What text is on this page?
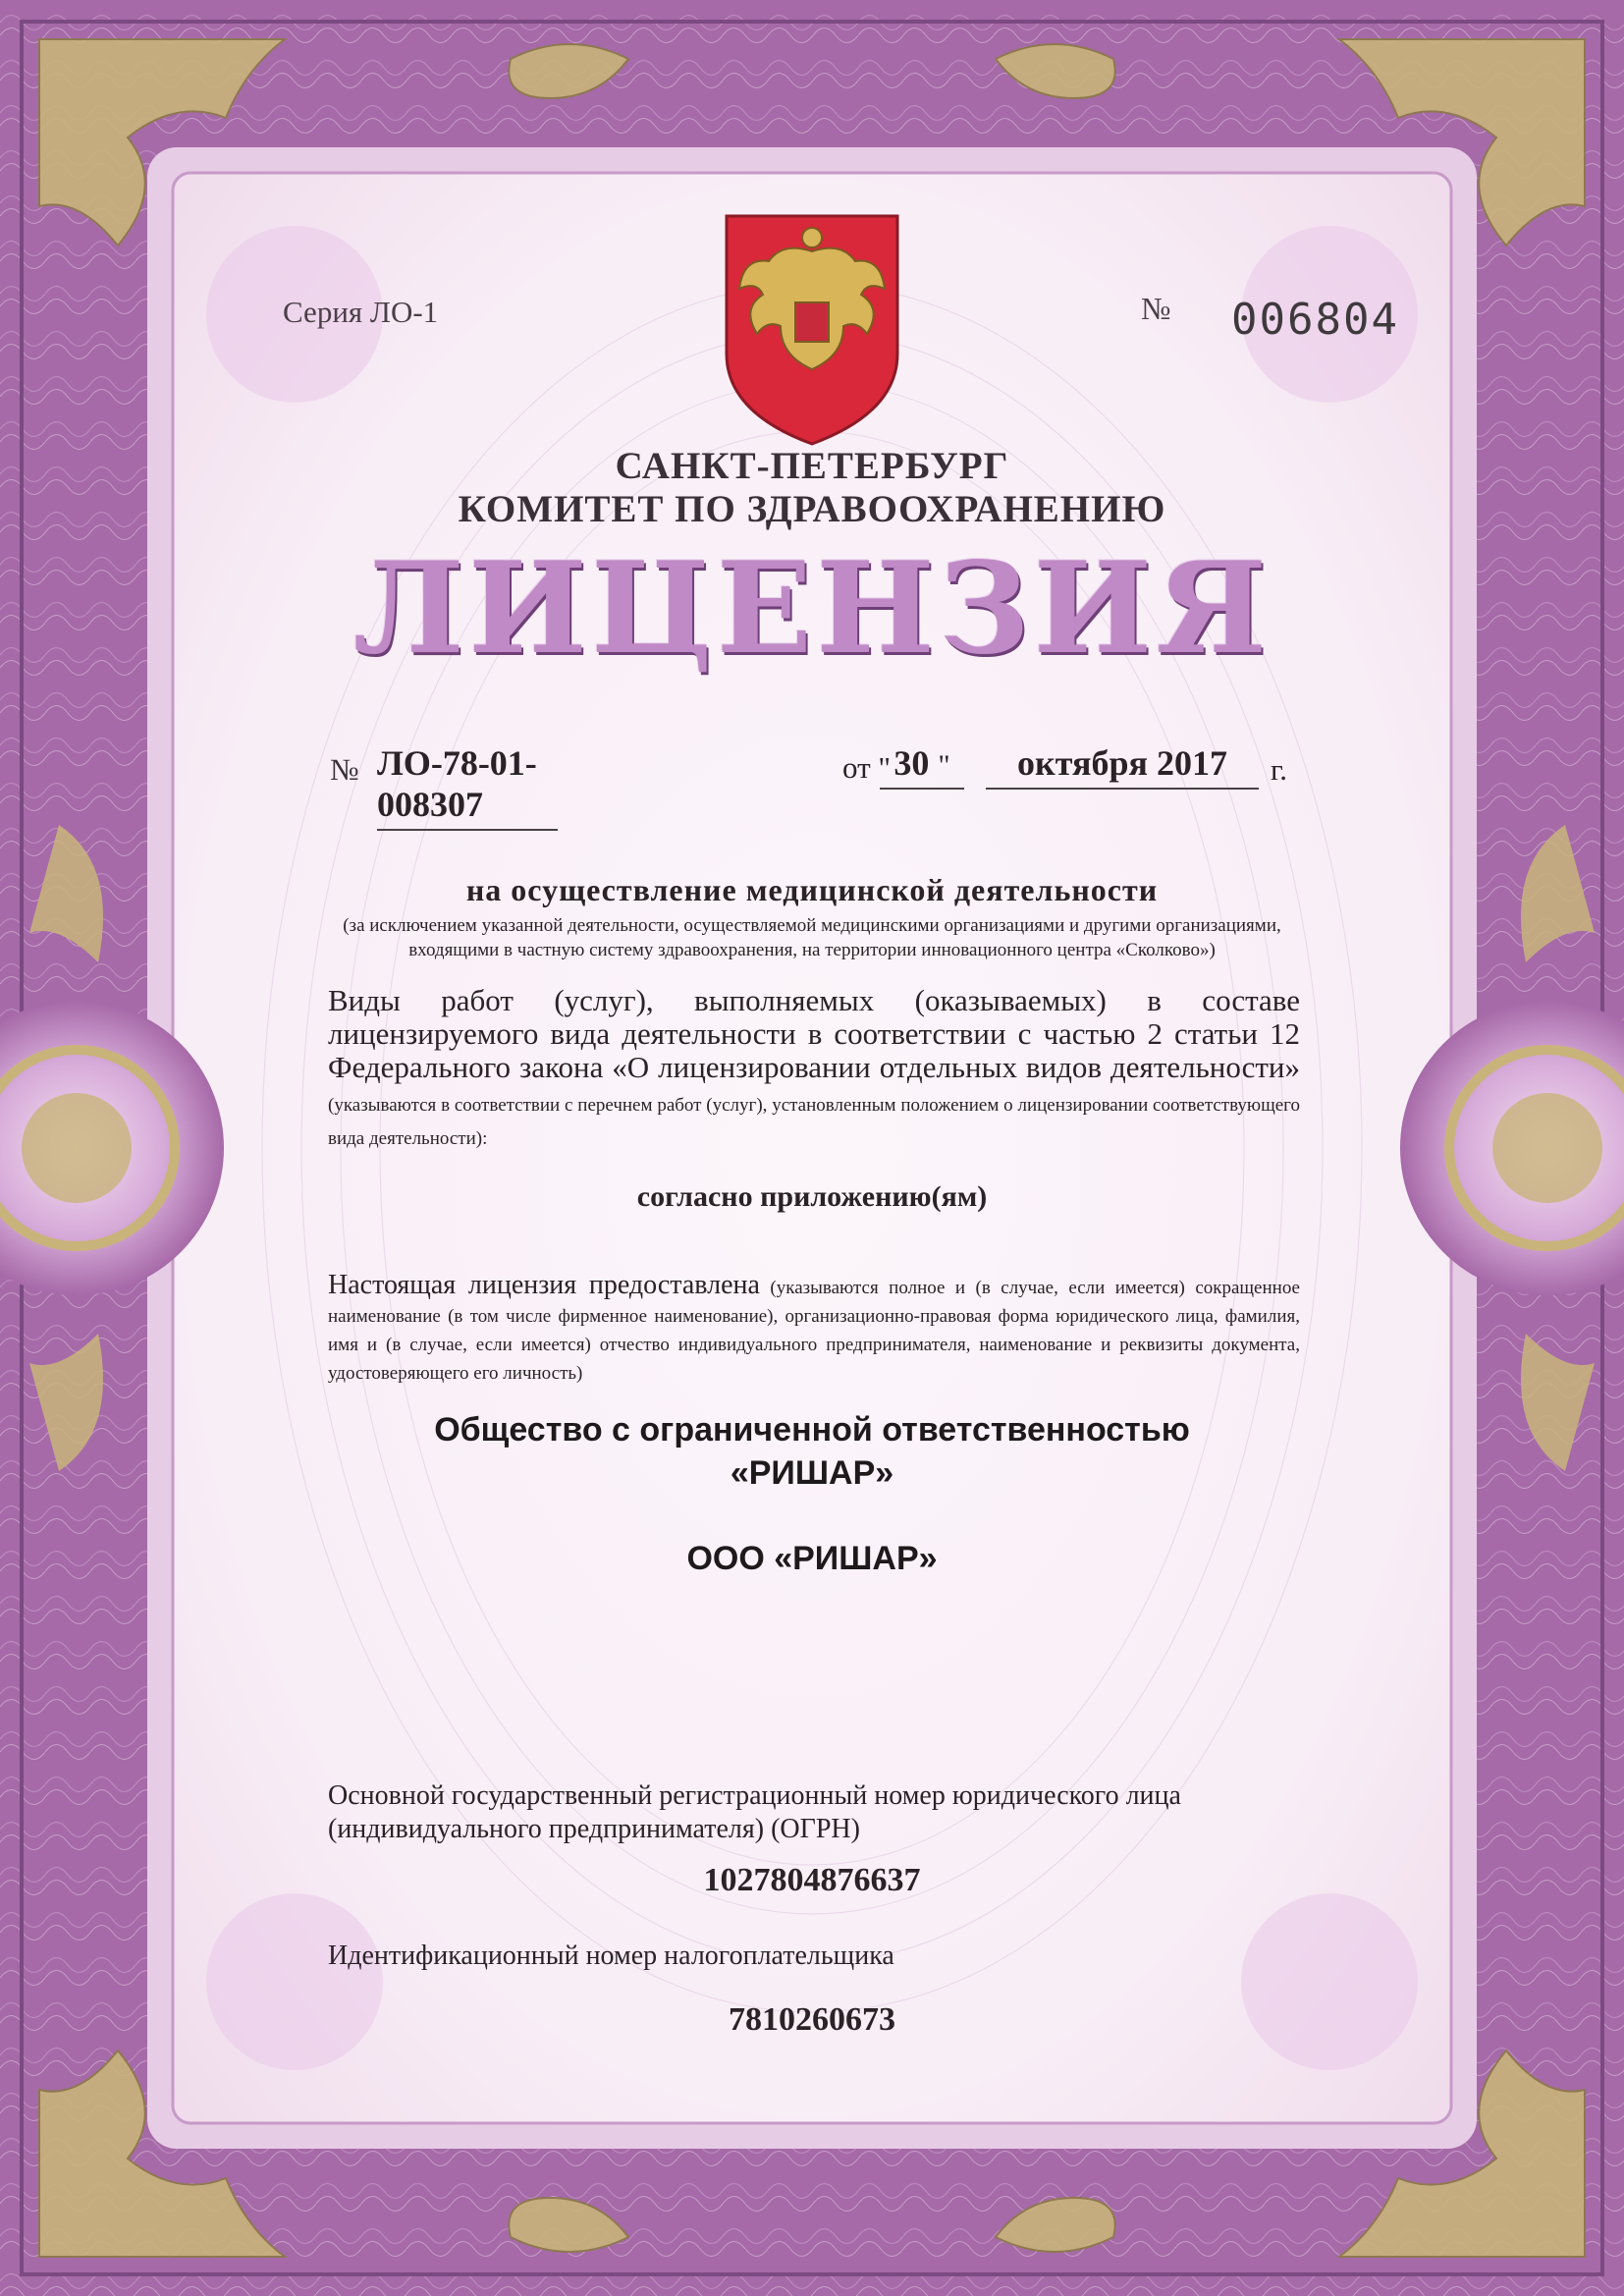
Серия ЛО-1	№ 006804
САНКТ-ПЕТЕРБУРГ
КОМИТЕТ ПО ЗДРАВООХРАНЕНИЮ
ЛИЦЕНЗИЯ
№ ЛО-78-01-008307
от " 30 "	октября 2017	г.
на осуществление медицинской деятельности
(за исключением указанной деятельности, осуществляемой медицинскими организациями и другими организациями, входящими в частную систему здравоохранения, на территории инновационного центра «Сколково»)
Виды работ (услуг), выполняемых (оказываемых) в составе лицензируемого вида деятельности в соответствии с частью 2 статьи 12 Федерального закона «О лицензировании отдельных видов деятельности» (указываются в соответствии с перечнем работ (услуг), установленным положением о лицензировании соответствующего вида деятельности):
согласно приложению(ям)
Настоящая лицензия предоставлена (указываются полное и (в случае, если имеется) сокращенное наименование (в том числе фирменное наименование), организационно-правовая форма юридического лица, фамилия, имя и (в случае, если имеется) отчество индивидуального предпринимателя, наименование и реквизиты документа, удостоверяющего его личность)
Общество с ограниченной ответственностью
«РИШАР»
ООО «РИШАР»
Основной государственный регистрационный номер юридического лица (индивидуального предпринимателя) (ОГРН)
1027804876637
Идентификационный номер налогоплательщика
7810260673
